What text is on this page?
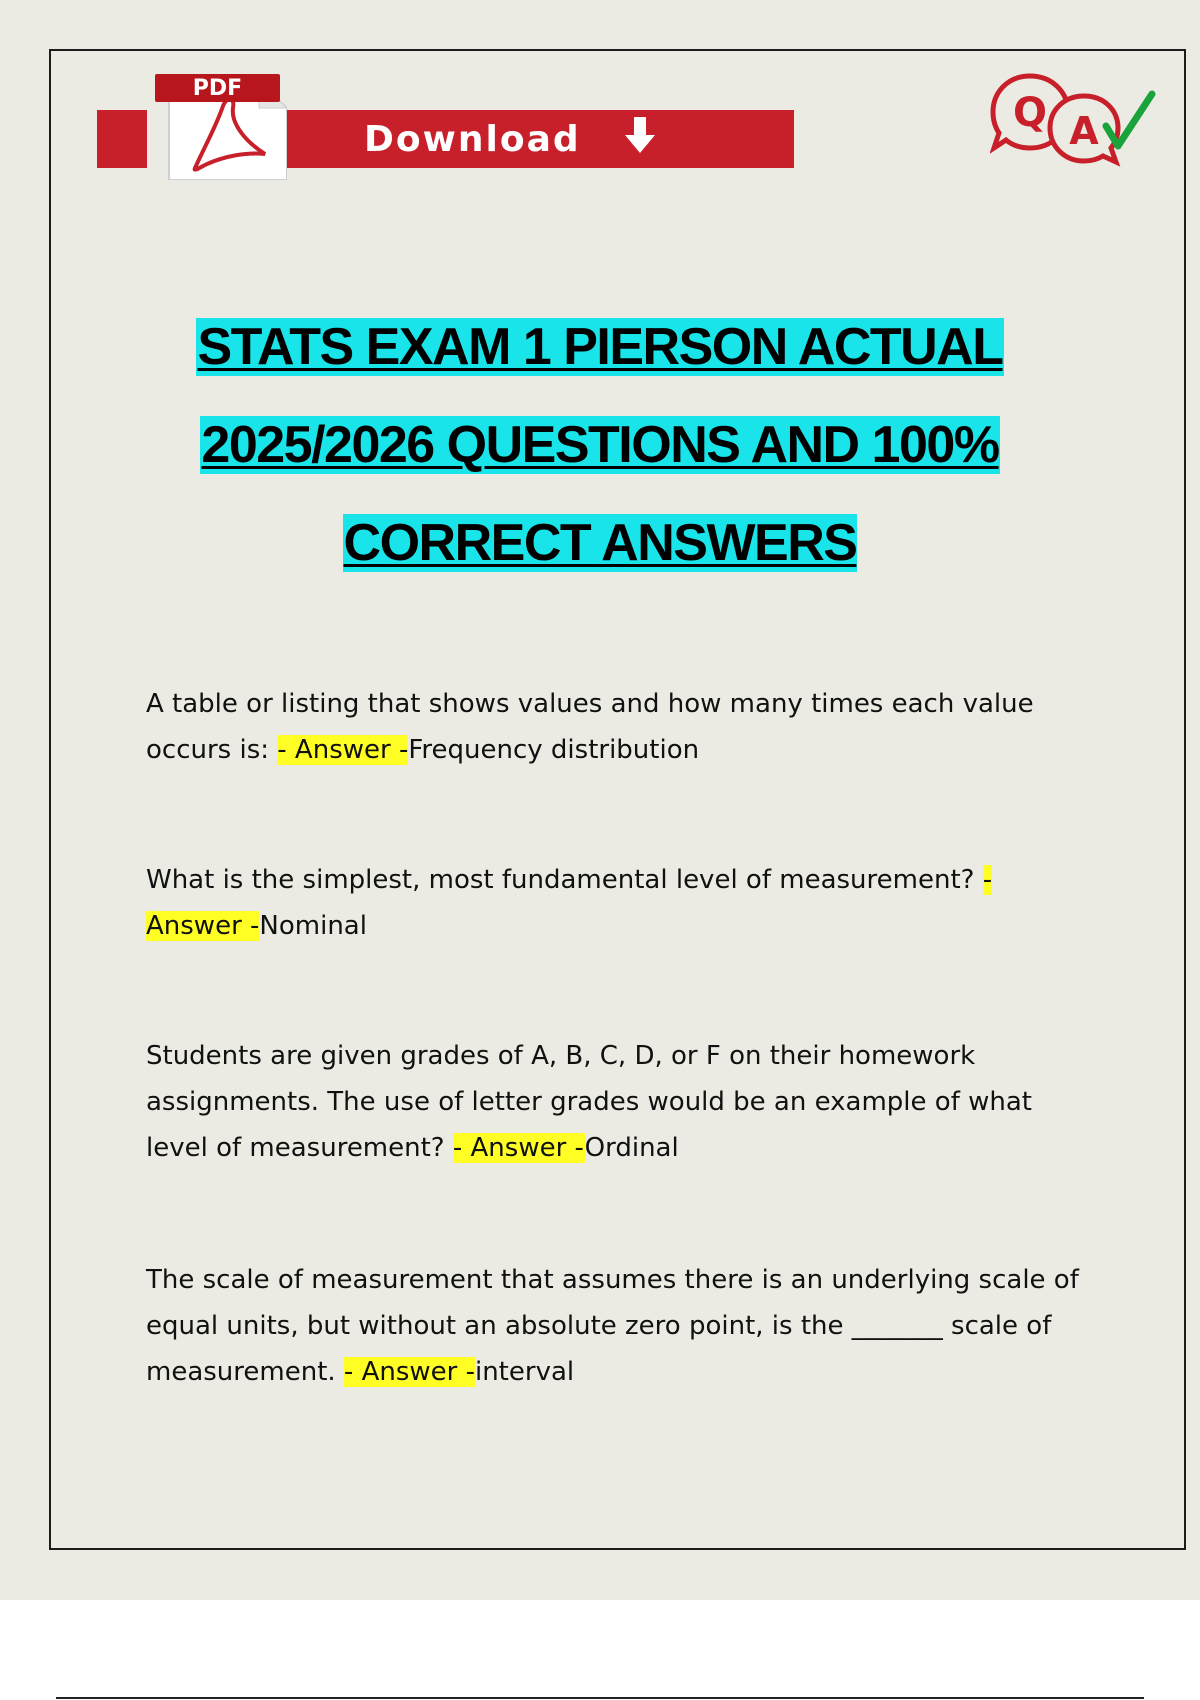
Download
PDF
Q A
STATS EXAM 1 PIERSON ACTUAL
2025/2026 QUESTIONS AND 100%
CORRECT ANSWERS
A table or listing that shows values and how many times each value occurs is: - Answer -Frequency distribution
What is the simplest, most fundamental level of measurement? - Answer -Nominal
Students are given grades of A, B, C, D, or F on their homework assignments. The use of letter grades would be an example of what level of measurement? - Answer -Ordinal
The scale of measurement that assumes there is an underlying scale of equal units, but without an absolute zero point, is the _______ scale of measurement. - Answer -interval
